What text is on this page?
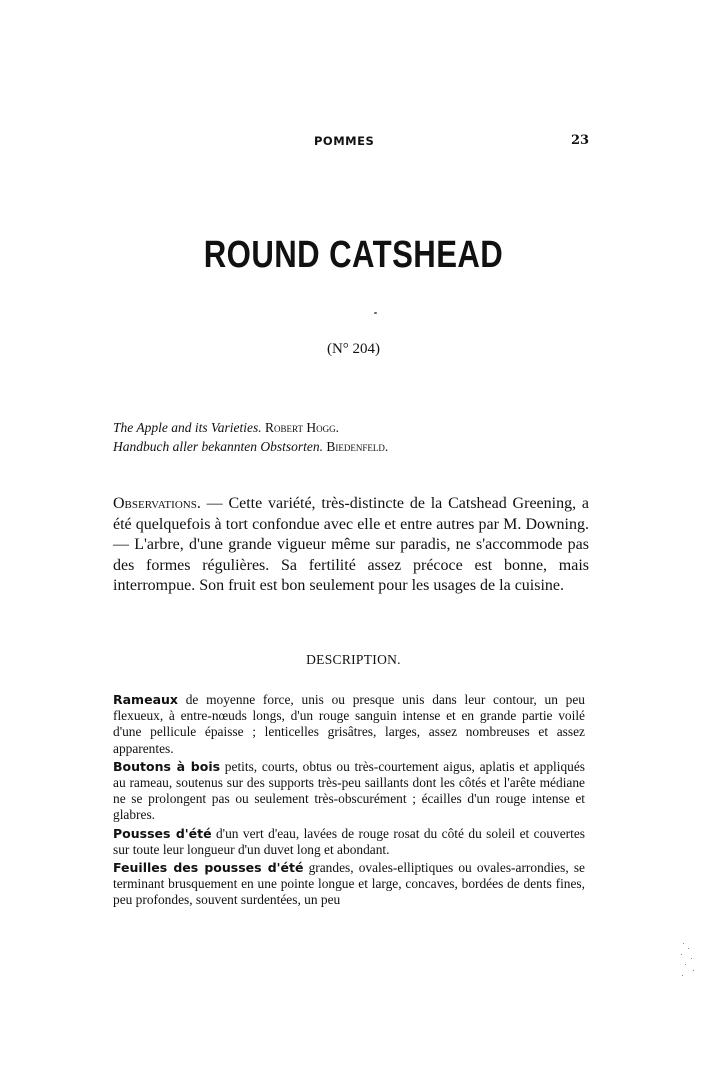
POMMES	23
ROUND CATSHEAD
(N° 204)
The Apple and its Varieties. Robert Hogg.
Handbuch aller bekannten Obstsorten. Biedenfeld.
Observations. — Cette variété, très-distincte de la Catshead Greening, a été quelquefois à tort confondue avec elle et entre autres par M. Downing. — L'arbre, d'une grande vigueur même sur paradis, ne s'accommode pas des formes régulières. Sa fertilité assez précoce est bonne, mais interrompue. Son fruit est bon seulement pour les usages de la cuisine.
DESCRIPTION.

Rameaux de moyenne force, unis ou presque unis dans leur contour, un peu flexueux, à entre-nœuds longs, d'un rouge sanguin intense et en grande partie voilé d'une pellicule épaisse ; lenticelles grisâtres, larges, assez nombreuses et assez apparentes.

Boutons à bois petits, courts, obtus ou très-courtement aigus, aplatis et appliqués au rameau, soutenus sur des supports très-peu saillants dont les côtés et l'arête médiane ne se prolongent pas ou seulement très-obscurément ; écailles d'un rouge intense et glabres.

Pousses d'été d'un vert d'eau, lavées de rouge rosat du côté du soleil et couvertes sur toute leur longueur d'un duvet long et abondant.

Feuilles des pousses d'été grandes, ovales-elliptiques ou ovales-arrondies, se terminant brusquement en une pointe longue et large, concaves, bordées de dents fines, peu profondes, souvent surdentées, un peu
